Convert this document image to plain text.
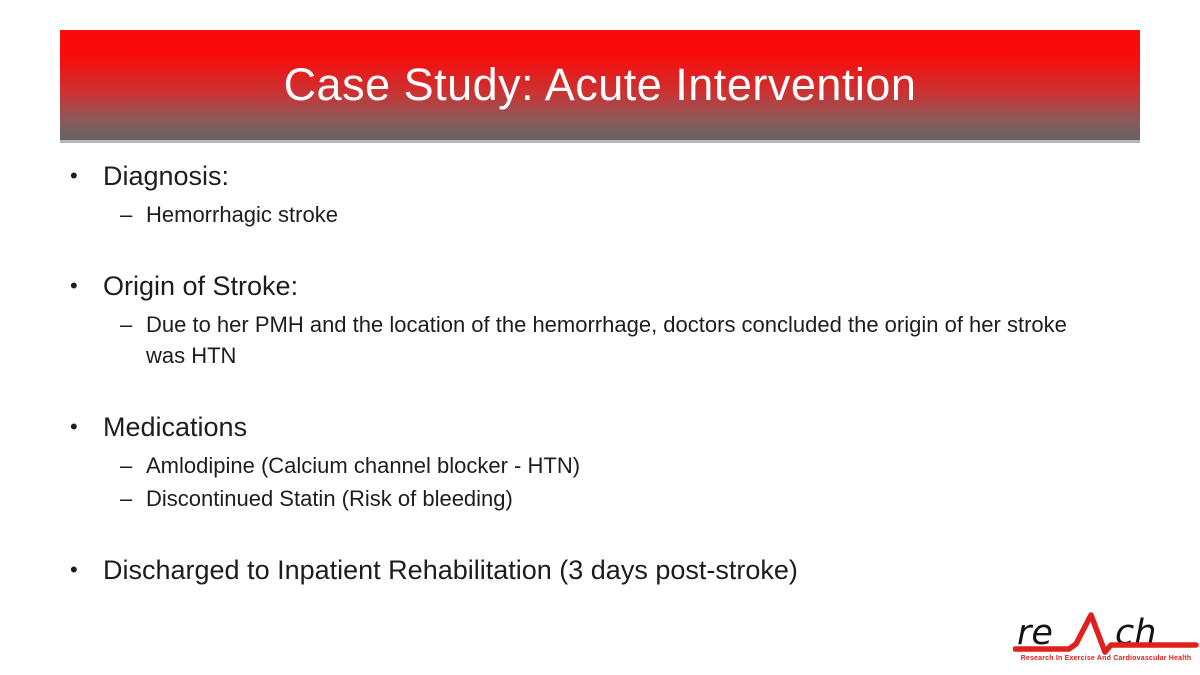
Case Study: Acute Intervention
• Diagnosis:
– Hemorrhagic stroke
• Origin of Stroke:
– Due to her PMH and the location of the hemorrhage, doctors concluded the origin of her stroke was HTN
• Medications
– Amlodipine (Calcium channel blocker - HTN)
– Discontinued Statin (Risk of bleeding)
• Discharged to Inpatient Rehabilitation (3 days post-stroke)
re ch
Research In Exercise And Cardiovascular Health
